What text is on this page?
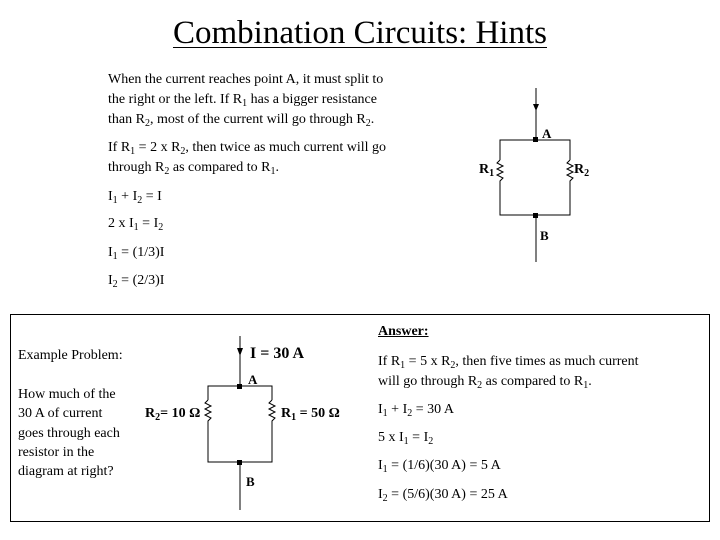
Combination Circuits: Hints
When the current reaches point A, it must split to
the right or the left. If $R_1$ has a bigger resistance
than $R_2$, most of the current will go through $R_2$.
If $R_1 = 2$ x $R_2$, then twice as much current will go
through $R_2$ as compared to $R_1$.
$I_1 + I_2 = I$
2 x $I_1 = I_2$
$I_1 = (1/3)I$
$I_2 = (2/3)I$
A
B
$R_1$	$R_2$
Example Problem:
How much of the
30 A of current
goes through each
resistor in the
diagram at right?
I = 30 A
A
B
$R_2= 10$ Ω	$R_1 = 50$ Ω
Answer:
If $R_1 = 5$ x $R_2$, then five times as much current
will go through $R_2$ as compared to $R_1$.
$I_1 + I_2 = 30$ A
5 x $I_1 = I_2$
$I_1 = (1/6)(30$ A) = 5 A
$I_2 = (5/6)(30$ A) = 25 A
